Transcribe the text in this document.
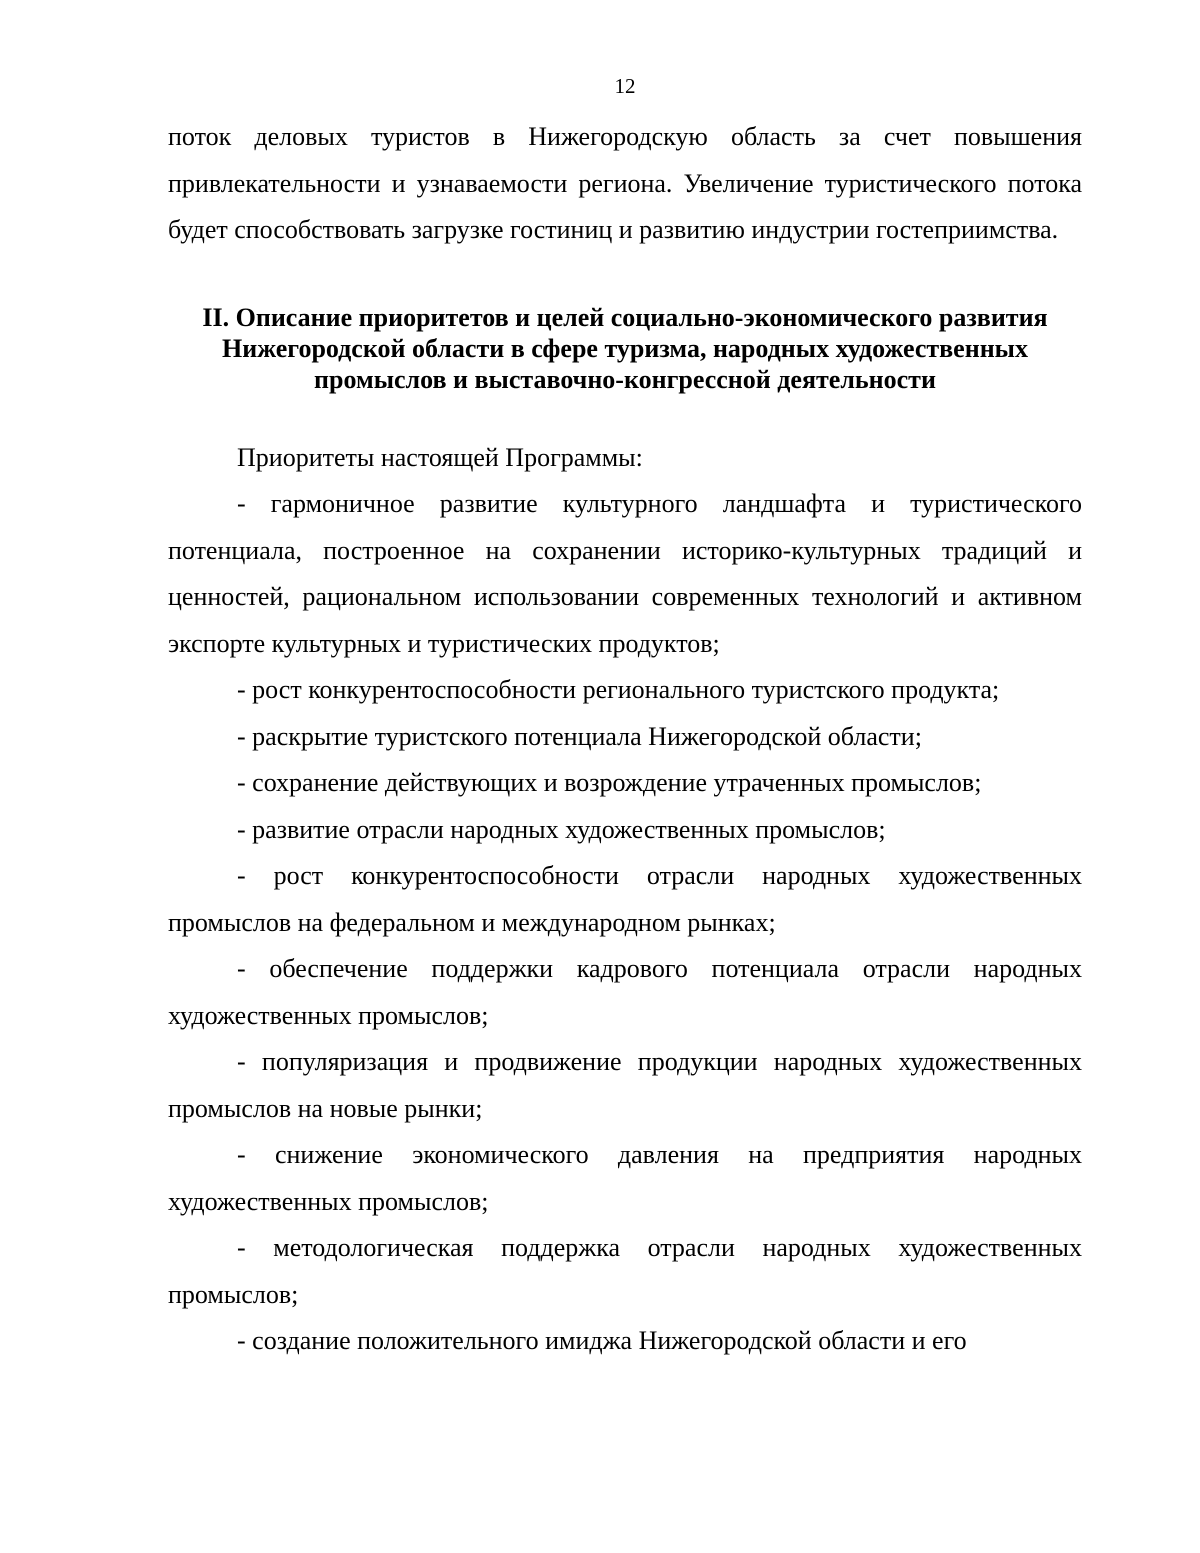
12

поток деловых туристов в Нижегородскую область за счет повышения привлекательности и узнаваемости региона. Увеличение туристического потока будет способствовать загрузке гостиниц и развитию индустрии гостеприимства.

II. Описание приоритетов и целей социально-экономического развития
Нижегородской области в сфере туризма, народных художественных
промыслов и выставочно-конгрессной деятельности

Приоритеты настоящей Программы:

- гармоничное развитие культурного ландшафта и туристического потенциала, построенное на сохранении историко-культурных традиций и ценностей, рациональном использовании современных технологий и активном экспорте культурных и туристических продуктов;

- рост конкурентоспособности регионального туристского продукта;

- раскрытие туристского потенциала Нижегородской области;

- сохранение действующих и возрождение утраченных промыслов;

- развитие отрасли народных художественных промыслов;

- рост конкурентоспособности отрасли народных художественных промыслов на федеральном и международном рынках;

- обеспечение поддержки кадрового потенциала отрасли народных художественных промыслов;

- популяризация и продвижение продукции народных художественных промыслов на новые рынки;

- снижение экономического давления на предприятия народных художественных промыслов;

- методологическая поддержка отрасли народных художественных промыслов;

- создание положительного имиджа Нижегородской области и его
